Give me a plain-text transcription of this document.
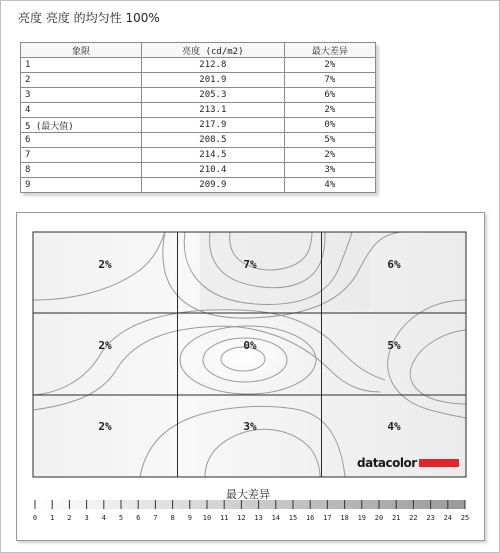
亮度 亮度 的均匀性 100%
象限	亮度 (cd/m2)	最大差异
1	212.8	2%
2	201.9	7%
3	205.3	6%
4	213.1	2%
5 (最大值)	217.9	0%
6	208.5	5%
7	214.5	2%
8	210.4	3%
9	209.9	4%
2%	7%	6%
2%	0%	5%
2%	3%	4%
datacolor
0 1 2 3 4 5 6 7 8 9 10 11 12 13 14 15 16 17 18 19 20 21 22 23 24 25
最大差异
